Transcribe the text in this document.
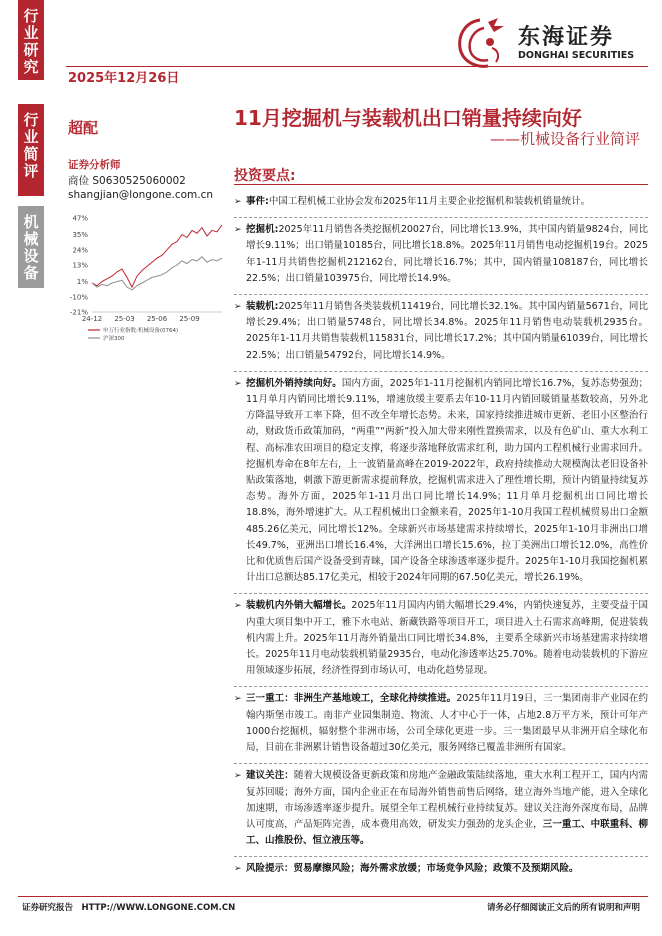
行
业
研
究
行
业
简
评
机
械
设
备
东海证券
DONGHAI SECURITIES
2025年12月26日
11月挖掘机与装载机出口销量持续向好
——机械设备行业简评
超配
证券分析师
商俭 S0630525060002
shangjian@longone.com.cn
47%
35%
24%
13%
1%
-10%
-21%
24-12 25-03 25-06 25-09
申万行业指数:机械设备(0764)
沪深300
投资要点:
➢ 事件:中国工程机械工业协会发布2025年11月主要企业挖掘机和装载机销量统计。
➢ 挖掘机:2025年11月销售各类挖掘机20027台，同比增长13.9%，其中国内销量9824台，同比增长9.11%；出口销量10185台，同比增长18.8%。2025年11月销售电动挖掘机19台。2025年1-11月共销售挖掘机212162台，同比增长16.7%；其中，国内销量108187台，同比增长22.5%；出口销量103975台，同比增长14.9%。
➢ 装载机:2025年11月销售各类装载机11419台，同比增长32.1%。其中国内销量5671台，同比增长29.4%；出口销量5748台，同比增长34.8%。2025年11月销售电动装载机2935台。2025年1-11月共销售装载机115831台，同比增长17.2%；其中国内销量61039台，同比增长22.5%；出口销量54792台，同比增长14.9%。
➢ 挖掘机外销持续向好。国内方面，2025年1-11月挖掘机内销同比增长16.7%，复苏态势强劲；11月单月内销同比增长9.11%，增速放缓主要系去年10-11月内销回暖销量基数较高，另外北方降温导致开工率下降，但不改全年增长态势。未来，国家持续推进城市更新、老旧小区整治行动，财政货币政策加码，“两重”“两新”投入加大带来刚性置换需求，以及有色矿山、重大水利工程、高标准农田项目的稳定支撑，将逐步落地释放需求红利，助力国内工程机械行业需求回升。挖掘机寿命在8年左右，上一波销量高峰在2019-2022年，政府持续推动大规模淘汰老旧设备补贴政策落地，刺激下游更新需求提前释放，挖掘机需求进入了理性增长期，预计内销量持续复苏态势。海外方面，2025年1-11月出口同比增长14.9%；11月单月挖掘机出口同比增长18.8%，海外增速扩大。从工程机械出口金额来看，2025年1-10月我国工程机械贸易出口金额485.26亿美元，同比增长12%。全球新兴市场基建需求持续增长，2025年1-10月非洲出口增长49.7%，亚洲出口增长16.4%，大洋洲出口增长15.6%，拉丁美洲出口增长12.0%，高性价比和优质售后国产设备受到青睐，国产设备全球渗透率逐步提升。2025年1-10月我国挖掘机累计出口总额达85.17亿美元，相较于2024年同期的67.50亿美元，增长26.19%。
➢ 装载机内外销大幅增长。2025年11月国内内销大幅增长29.4%，内销快速复苏，主要受益于国内重大项目集中开工，雅下水电站、新藏铁路等项目开工，项目进入土石需求高峰期，促进装载机内需上升。2025年11月海外销量出口同比增长34.8%，主要系全球新兴市场基建需求持续增长。2025年11月电动装载机销量2935台，电动化渗透率达25.70%。随着电动装载机的下游应用领域逐步拓展，经济性得到市场认可，电动化趋势显现。
➢ 三一重工：非洲生产基地竣工，全球化持续推进。2025年11月19日，三一集团南非产业园在约翰内斯堡市竣工。南非产业园集制造、物流、人才中心于一体，占地2.8万平方米，预计可年产1000台挖掘机，辐射整个非洲市场，公司全球化更进一步。三一集团最早从非洲开启全球化布局，目前在非洲累计销售设备超过30亿美元，服务网络已覆盖非洲所有国家。
➢ 建议关注：随着大规模设备更新政策和房地产金融政策陆续落地，重大水利工程开工，国内内需复苏回暖；海外方面，国内企业正在布局海外销售前售后网络，建立海外当地产能，进入全球化加速期，市场渗透率逐步提升。展望全年工程机械行业持续复苏。建议关注海外深度布局，品牌认可度高，产品矩阵完善，成本费用高效，研发实力强劲的龙头企业，三一重工、中联重科、柳工、山推股份、恒立液压等。
➢ 风险提示：贸易摩擦风险；海外需求放缓；市场竞争风险；政策不及预期风险。
证券研究报告　HTTP://WWW.LONGONE.COM.CN	请务必仔细阅读正文后的所有说明和声明
